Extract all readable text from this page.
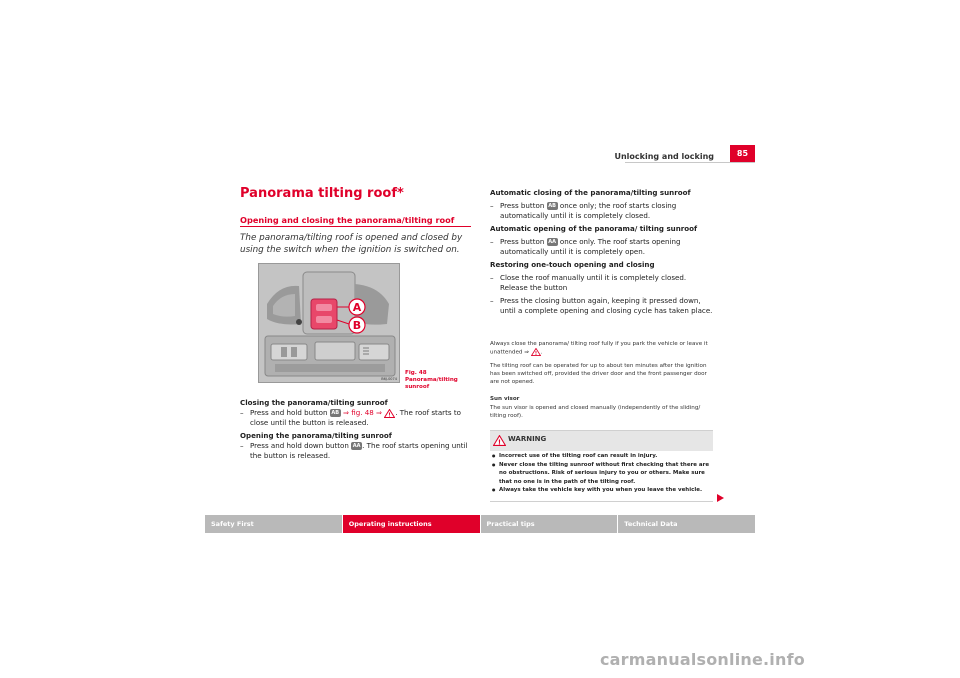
Unlocking and locking	85
Panorama tilting roof*
Opening and closing the panorama/tilting roof
The panorama/tilting roof is opened and closed by using the switch when the ignition is switched on.
A
B
B6J-0074
Fig. 48 Panorama/tilting sunroof
Closing the panorama/tilting sunroof
– Press and hold button AB ⇒ fig. 48 ⇒ ! . The roof starts to close until the button is released.
Opening the panorama/tilting sunroof
– Press and hold down button AA . The roof starts opening until the button is released.
Automatic closing of the panorama/tilting sunroof
– Press button AB once only; the roof starts closing automatically until it is completely closed.
Automatic opening of the panorama/ tilting sunroof
– Press button AA once only. The roof starts opening automatically until it is completely open.
Restoring one-touch opening and closing
– Close the roof manually until it is completely closed. Release the button
– Press the closing button again, keeping it pressed down, until a complete opening and closing cycle has taken place.
Always close the panorama/ tilting roof fully if you park the vehicle or leave it unattended ⇒ ! .
The tilting roof can be operated for up to about ten minutes after the ignition has been switched off, provided the driver door and the front passenger door are not opened.
Sun visor
The sun visor is opened and closed manually (independently of the sliding/ tilting roof).
! WARNING
● Incorrect use of the tilting roof can result in injury.
● Never close the tilting sunroof without first checking that there are no obstructions. Risk of serious injury to you or others. Make sure that no one is in the path of the tilting roof.
● Always take the vehicle key with you when you leave the vehicle.
Safety First	Operating instructions	Practical tips	Technical Data
carmanualsonline.info
